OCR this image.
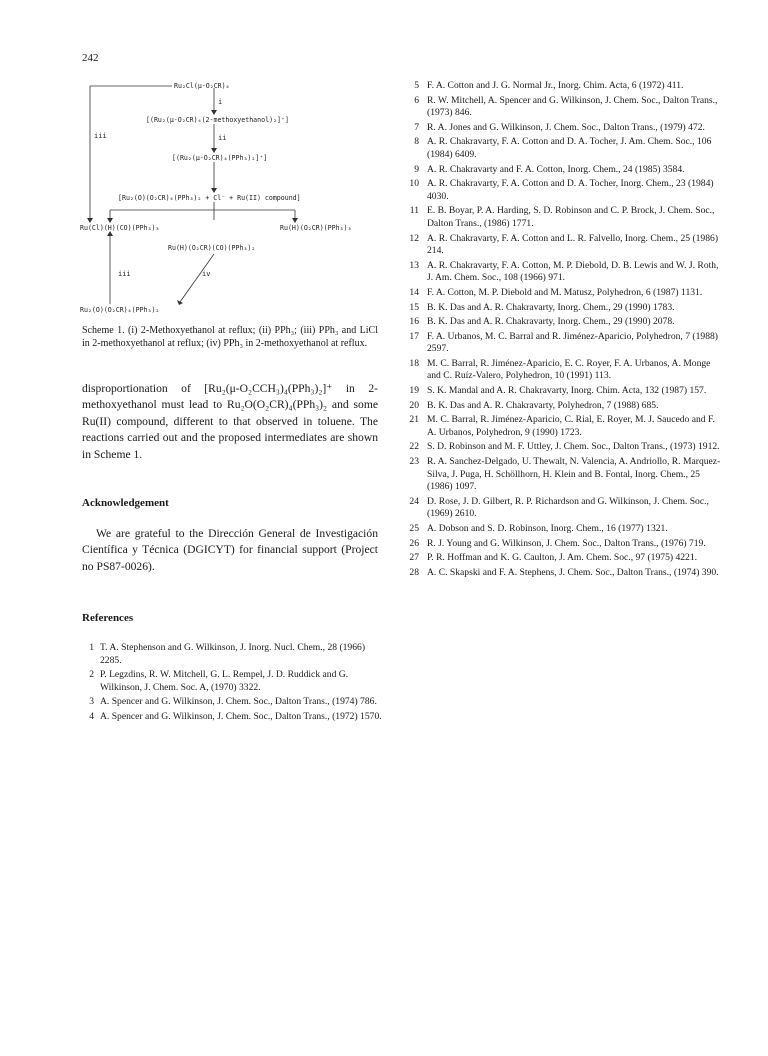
242
Ru₂Cl(μ-O₂CR)₄
i
[(Ru₂(μ-O₂CR)₄(2-methoxyethanol)₂]⁺]
ii
iii
[(Ru₂(μ-O₂CR)₄(PPh₃)₂]⁺]
[Ru₂(O)(O₂CR)₄(PPh₃)₂ + Cl⁻ + Ru(II) compound]
Ru(Cl)(H)(CO)(PPh₃)₃	Ru(H)(O₂CR)(PPh₃)₃
Ru(H)(O₂CR)(CO)(PPh₃)₂
iii	iv
Ru₂(O)(O₂CR)₄(PPh₃)₂
Scheme 1. (i) 2-Methoxyethanol at reflux; (ii) PPh₃; (iii) PPh₃ and LiCl in 2-methoxyethanol at reflux; (iv) PPh₃ in 2-methoxyethanol at reflux.
disproportionation of [Ru₂(μ-O₂CCH₃)₄(PPh₃)₂]⁺ in 2-methoxyethanol must lead to Ru₂O(O₂CR)₄(PPh₃)₂ and some Ru(II) compound, different to that observed in toluene. The reactions carried out and the proposed intermediates are shown in Scheme 1.
Acknowledgement
We are grateful to the Dirección General de Investigación Científica y Técnica (DGICYT) for financial support (Project no PS87-0026).
References
1 T. A. Stephenson and G. Wilkinson, J. Inorg. Nucl. Chem., 28 (1966) 2285.
2 P. Legzdins, R. W. Mitchell, G. L. Rempel, J. D. Ruddick and G. Wilkinson, J. Chem. Soc. A, (1970) 3322.
3 A. Spencer and G. Wilkinson, J. Chem. Soc., Dalton Trans., (1974) 786.
4 A. Spencer and G. Wilkinson, J. Chem. Soc., Dalton Trans., (1972) 1570.
5 F. A. Cotton and J. G. Normal Jr., Inorg. Chim. Acta, 6 (1972) 411.
6 R. W. Mitchell, A. Spencer and G. Wilkinson, J. Chem. Soc., Dalton Trans., (1973) 846.
7 R. A. Jones and G. Wilkinson, J. Chem. Soc., Dalton Trans., (1979) 472.
8 A. R. Chakravarty, F. A. Cotton and D. A. Tocher, J. Am. Chem. Soc., 106 (1984) 6409.
9 A. R. Chakravarty and F. A. Cotton, Inorg. Chem., 24 (1985) 3584.
10 A. R. Chakravarty, F. A. Cotton and D. A. Tocher, Inorg. Chem., 23 (1984) 4030.
11 E. B. Boyar, P. A. Harding, S. D. Robinson and C. P. Brock, J. Chem. Soc., Dalton Trans., (1986) 1771.
12 A. R. Chakravarty, F. A. Cotton and L. R. Falvello, Inorg. Chem., 25 (1986) 214.
13 A. R. Chakravarty, F. A. Cotton, M. P. Diebold, D. B. Lewis and W. J. Roth, J. Am. Chem. Soc., 108 (1966) 971.
14 F. A. Cotton, M. P. Diebold and M. Matusz, Polyhedron, 6 (1987) 1131.
15 B. K. Das and A. R. Chakravarty, Inorg. Chem., 29 (1990) 1783.
16 B. K. Das and A. R. Chakravarty, Inorg. Chem., 29 (1990) 2078.
17 F. A. Urbanos, M. C. Barral and R. Jiménez-Aparicio, Polyhedron, 7 (1988) 2597.
18 M. C. Barral, R. Jiménez-Aparicio, E. C. Royer, F. A. Urbanos, A. Monge and C. Ruíz-Valero, Polyhedron, 10 (1991) 113.
19 S. K. Mandal and A. R. Chakravarty, Inorg. Chim. Acta, 132 (1987) 157.
20 B. K. Das and A. R. Chakravarty, Polyhedron, 7 (1988) 685.
21 M. C. Barral, R. Jiménez-Aparicio, C. Rial, E. Royer, M. J. Saucedo and F. A. Urbanos, Polyhedron, 9 (1990) 1723.
22 S. D. Robinson and M. F. Uttley, J. Chem. Soc., Dalton Trans., (1973) 1912.
23 R. A. Sanchez-Delgado, U. Thewalt, N. Valencia, A. Andriollo, R. Marquez-Silva, J. Puga, H. Schöllhorn, H. Klein and B. Fontal, Inorg. Chem., 25 (1986) 1097.
24 D. Rose, J. D. Gilbert, R. P. Richardson and G. Wilkinson, J. Chem. Soc., (1969) 2610.
25 A. Dobson and S. D. Robinson, Inorg. Chem., 16 (1977) 1321.
26 R. J. Young and G. Wilkinson, J. Chem. Soc., Dalton Trans., (1976) 719.
27 P. R. Hoffman and K. G. Caulton, J. Am. Chem. Soc., 97 (1975) 4221.
28 A. C. Skapski and F. A. Stephens, J. Chem. Soc., Dalton Trans., (1974) 390.
